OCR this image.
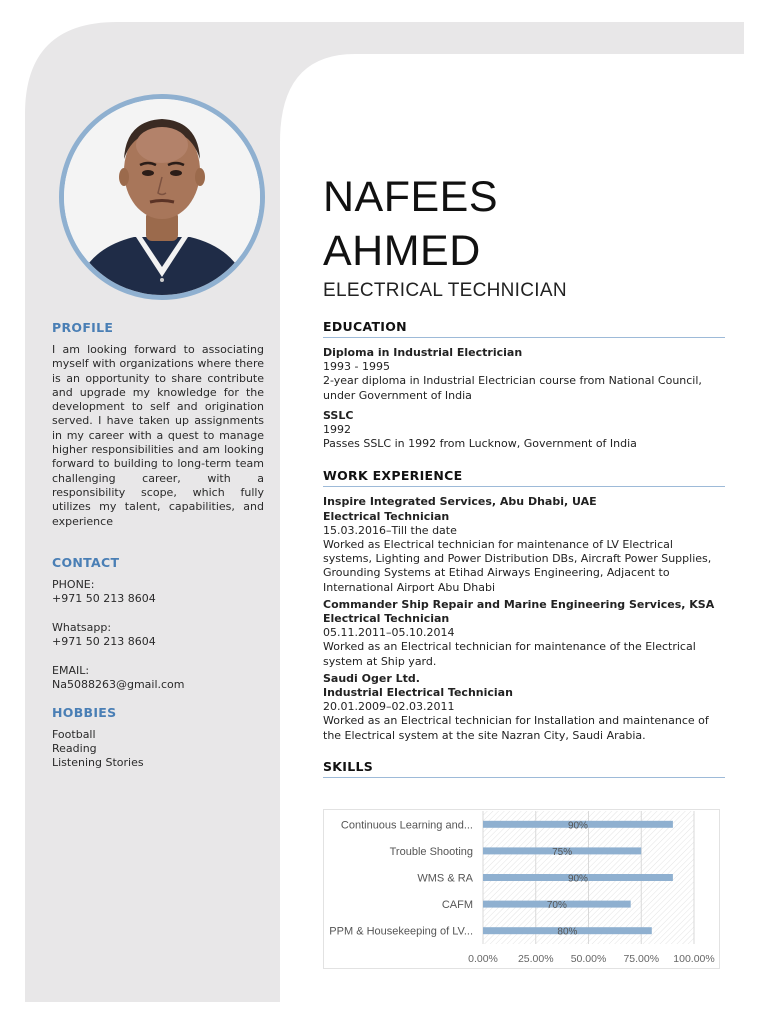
PROFILE

I am looking forward to associating myself with organizations where there is an opportunity to share contribute and upgrade my knowledge for the development to self and origination served. I have taken up assignments in my career with a quest to manage higher responsibilities and am looking forward to building to long-term team challenging career, with a responsibility scope, which fully utilizes my talent, capabilities, and experience

CONTACT
PHONE:
+971 50 213 8604
Whatsapp:
+971 50 213 8604
EMAIL:
Na5088263@gmail.com
HOBBIES
Football
Reading
Listening Stories
NAFEES
AHMED
ELECTRICAL TECHNICIAN
EDUCATION
Diploma in Industrial Electrician
1993 - 1995
2-year diploma in Industrial Electrician course from National Council, under Government of India
SSLC
1992
Passes SSLC in 1992 from Lucknow, Government of India
WORK EXPERIENCE
Inspire Integrated Services, Abu Dhabi, UAE
Electrical Technician
15.03.2016–Till the date
Worked as Electrical technician for maintenance of LV Electrical systems, Lighting and Power Distribution DBs, Aircraft Power Supplies, Grounding Systems at Etihad Airways Engineering, Adjacent to International Airport Abu Dhabi
Commander Ship Repair and Marine Engineering Services, KSA
Electrical Technician
05.11.2011–05.10.2014
Worked as an Electrical technician for maintenance of the Electrical system at Ship yard.
Saudi Oger Ltd.
Industrial Electrical Technician
20.01.2009–02.03.2011
Worked as an Electrical technician for Installation and maintenance of the Electrical system at the site Nazran City, Saudi Arabia.
SKILLS
0.00% 25.00% 50.00% 75.00% 100.00%
Continuous Learning and...	90%
Trouble Shooting	75%
WMS & RA	90%
CAFM	70%
PPM & Housekeeping of LV...	80%
